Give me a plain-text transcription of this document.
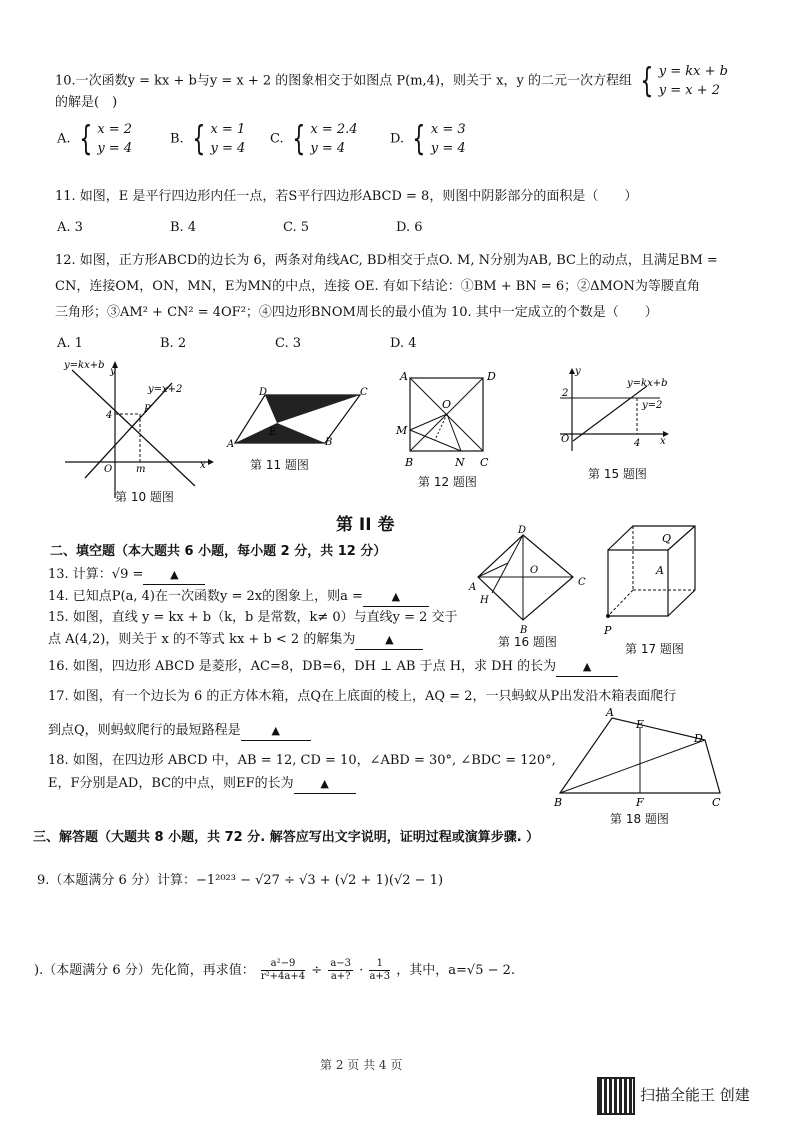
10.一次函数y = kx + b与y = x + 2 的图象相交于如图点 P(m,4)，则关于 x，y 的二元一次方程组 { y = kx + b
y = x + 2
的解是(　)
A. { x = 2
y = 4
B. { x = 1
y = 4
C. { x = 2.4
y = 4
D. { x = 3
y = 4
11. 如图，E 是平行四边形内任一点，若S平行四边形ABCD = 8，则图中阴影部分的面积是（　　）
A. 3	B. 4	C. 5	D. 6
12. 如图，正方形ABCD的边长为 6，两条对角线AC, BD相交于点O. M, N分别为AB, BC上的动点，且满足BM =
CN，连接OM，ON，MN，E为MN的中点，连接 OE. 有如下结论：①BM + BN = 6；②ΔMON为等腰直角
三角形；③AM² + CN² = 4OF²；④四边形BNOM周长的最小值为 10. 其中一定成立的个数是（　　）
A. 1	B. 2	C. 3	D. 4
y=kx+b
y=x+2
y
x
O
P
4
m
第 10 题图
A	B
C
D
E
第 11 题图
A	D
B	C
M
N
O
第 12 题图
y=kx+b
y=2
y
x
O
2
4
第 15 题图
第 II 卷
二、填空题（本大题共 6 小题，每小题 2 分，共 12 分）
13. 计算：√9 = ▲
14. 已知点P(a, 4)在一次函数y = 2x的图象上，则a =	▲
15. 如图，直线 y = kx + b（k，b 是常数，k≠ 0）与直线y = 2 交于
点 A(4,2)，则关于 x 的不等式 kx + b < 2 的解集为	▲
16. 如图，四边形 ABCD 是菱形，AC=8，DB=6，DH ⊥ AB 于点 H，求 DH 的长为 ▲
17. 如图，有一个边长为 6 的正方体木箱，点Q在上底面的棱上，AQ = 2，一只蚂蚁从P出发沿木箱表面爬行
到点Q，则蚂蚁爬行的最短路程是	▲
18. 如图，在四边形 ABCD 中，AB = 12, CD = 10，∠ABD = 30°, ∠BDC = 120°,
E，F分别是AD，BC的中点，则EF的长为 ▲
D
A	C
B
H
O
第 16 题图
Q
A
P
第 17 题图
A
B	C
D
E
F
第 18 题图
三、解答题（大题共 8 小题，共 72 分. 解答应写出文字说明，证明过程或演算步骤. ）
9.（本题满分 6 分）计算：−1²⁰²³ − √27 ÷ √3 + (√2 + 1)(√2 − 1)
).（本题满分 6 分）先化简，再求值： $\frac{\text{a²−9}}{\text{r²+4a+4}} \div \frac{a-3}{a+?} \cdot \frac{1}{a+3}$ ，其中，a=√5 − 2.
第 2 页 共 4 页
扫描全能王 创建
